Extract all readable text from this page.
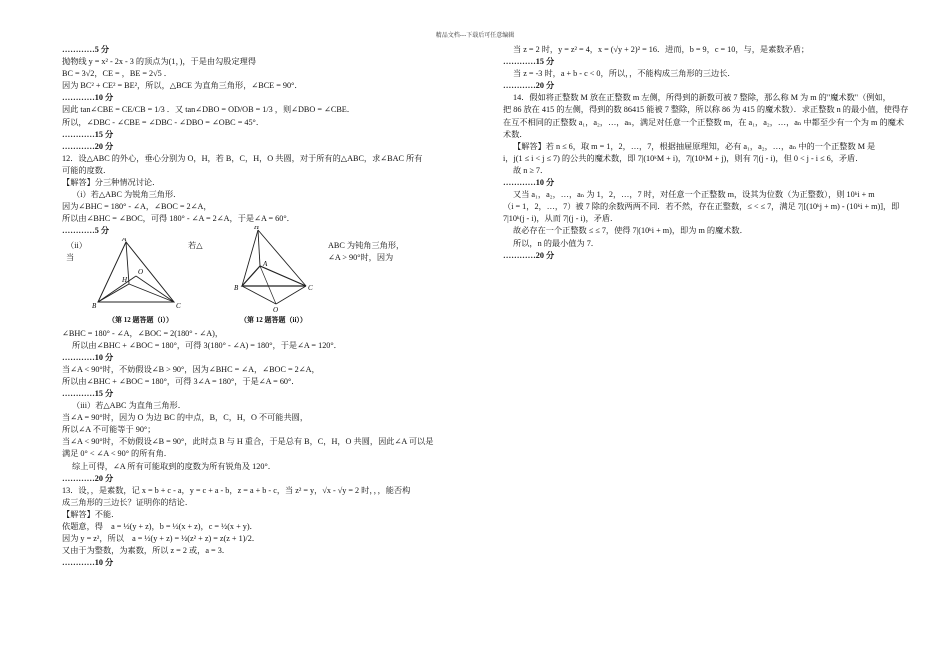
精品文档---下载后可任意编辑
…………5 分
抛物线 y = x² - 2x - 3 的顶点为(1，)，于是由勾股定理得
BC = 3√2，CE = ，BE = 2√5 ．
因为 BC² + CE² = BE²，所以，△BCE 为直角三角形，∠BCE = 90°．
…………10 分
因此 tan∠CBE = CE/CB = 1/3 ．又 tan∠DBO = OD/OB = 1/3 ，则∠DBO = ∠CBE．
所以，∠DBC - ∠CBE = ∠DBC - ∠DBO = ∠OBC = 45°．
…………15 分
…………20 分
12．设△ABC 的外心，垂心分别为 O，H，若 B，C，H，O 共圆，对于所有的△ABC，求∠BAC 所有
可能的度数．
【解答】分三种情况讨论．
（i）若△ABC 为锐角三角形．
因为∠BHC = 180° - ∠A，∠BOC = 2∠A，
所以由∠BHC = ∠BOC，可得 180° - ∠A = 2∠A，于是∠A = 60°．
…………5 分
（ii）
当
若△	ABC 为钝角三角形，
∠A > 90°时，因为
A
B	C
H
O
（第 12 题答题（i））
H
A
B	C
O
（第 12 题答题（ii））
∠BHC = 180° - ∠A，∠BOC = 2(180° - ∠A)，
所以由∠BHC + ∠BOC = 180°，可得 3(180° - ∠A) = 180°，于是∠A = 120°．
…………10 分
当∠A < 90°时，不妨假设∠B > 90°，因为∠BHC = ∠A，∠BOC = 2∠A，
所以由∠BHC + ∠BOC = 180°，可得 3∠A = 180°，于是∠A = 60°．
…………15 分
（iii）若△ABC 为直角三角形．
当∠A = 90°时，因为 O 为边 BC 的中点，B，C，H，O 不可能共圆，
所以∠A 不可能等于 90°；
当∠A < 90°时，不妨假设∠B = 90°，此时点 B 与 H 重合，于是总有 B，C，H，O 共圆，因此∠A 可以是
满足 0° < ∠A < 90° 的所有角．
综上可得，∠A 所有可能取到的度数为所有锐角及 120°．
…………20 分
13．设，，是素数，记 x = b + c - a，y = c + a - b，z = a + b - c，当 z² = y，√x - √y = 2 时，，，能否构
成三角形的三边长？证明你的结论．
【解答】不能．
依题意，得　a = ½(y + z)，b = ½(x + z)，c = ½(x + y)．
因为 y = z²，所以　a = ½(y + z) = ½(z² + z) = z(z + 1)/2．
又由于为整数，为素数，所以 z = 2 或，a = 3．
…………10 分
当 z = 2 时，y = z² = 4，x = (√y + 2)² = 16．进而，b = 9，c = 10，与，是素数矛盾；
…………15 分
当 z = -3 时，a + b - c < 0，所以，，不能构成三角形的三边长．
…………20 分
14．假如将正整数 M 放在正整数 m 左侧，所得到的新数可被 7 整除，那么称 M 为 m 的"魔术数"（例如，
把 86 放在 415 的左侧，得到的数 86415 能被 7 整除，所以称 86 为 415 的魔术数）．求正整数 n 的最小值，使得存
在互不相同的正整数 a₁，a₂，…，aₙ，满足对任意一个正整数 m，在 a₁，a₂，…，aₙ 中都至少有一个为 m 的魔术
术数．
【解答】若 n ≤ 6，取 m = 1，2，…，7，根据抽屉原理知，必有 a₁，a₂，…，aₙ 中的一个正整数 M 是
i，j(1 ≤ i < j ≤ 7) 的公共的魔术数，即 7|(10ᵏM + i)，7|(10ᵏM + j)，则有 7|(j - i)，但 0 < j - i ≤ 6，矛盾．
故 n ≥ 7．
…………10 分
又当 a₁，a₂，…，aₙ 为 1，2，…，7 时，对任意一个正整数 m，设其为位数（为正整数），则 10ᵏi + m
（i = 1，2，…，7）被 7 除的余数两两不同．若不然，存在正整数，≤ < ≤ 7，满足 7|[(10ᵏj + m) - (10ᵏi + m)]，即
7|10ᵏ(j - i)，从而 7|(j - i)，矛盾．
故必存在一个正整数 ≤ ≤ 7，使得 7|(10ᵏi + m)，即为 m 的魔术数．
所以，n 的最小值为 7．
…………20 分
